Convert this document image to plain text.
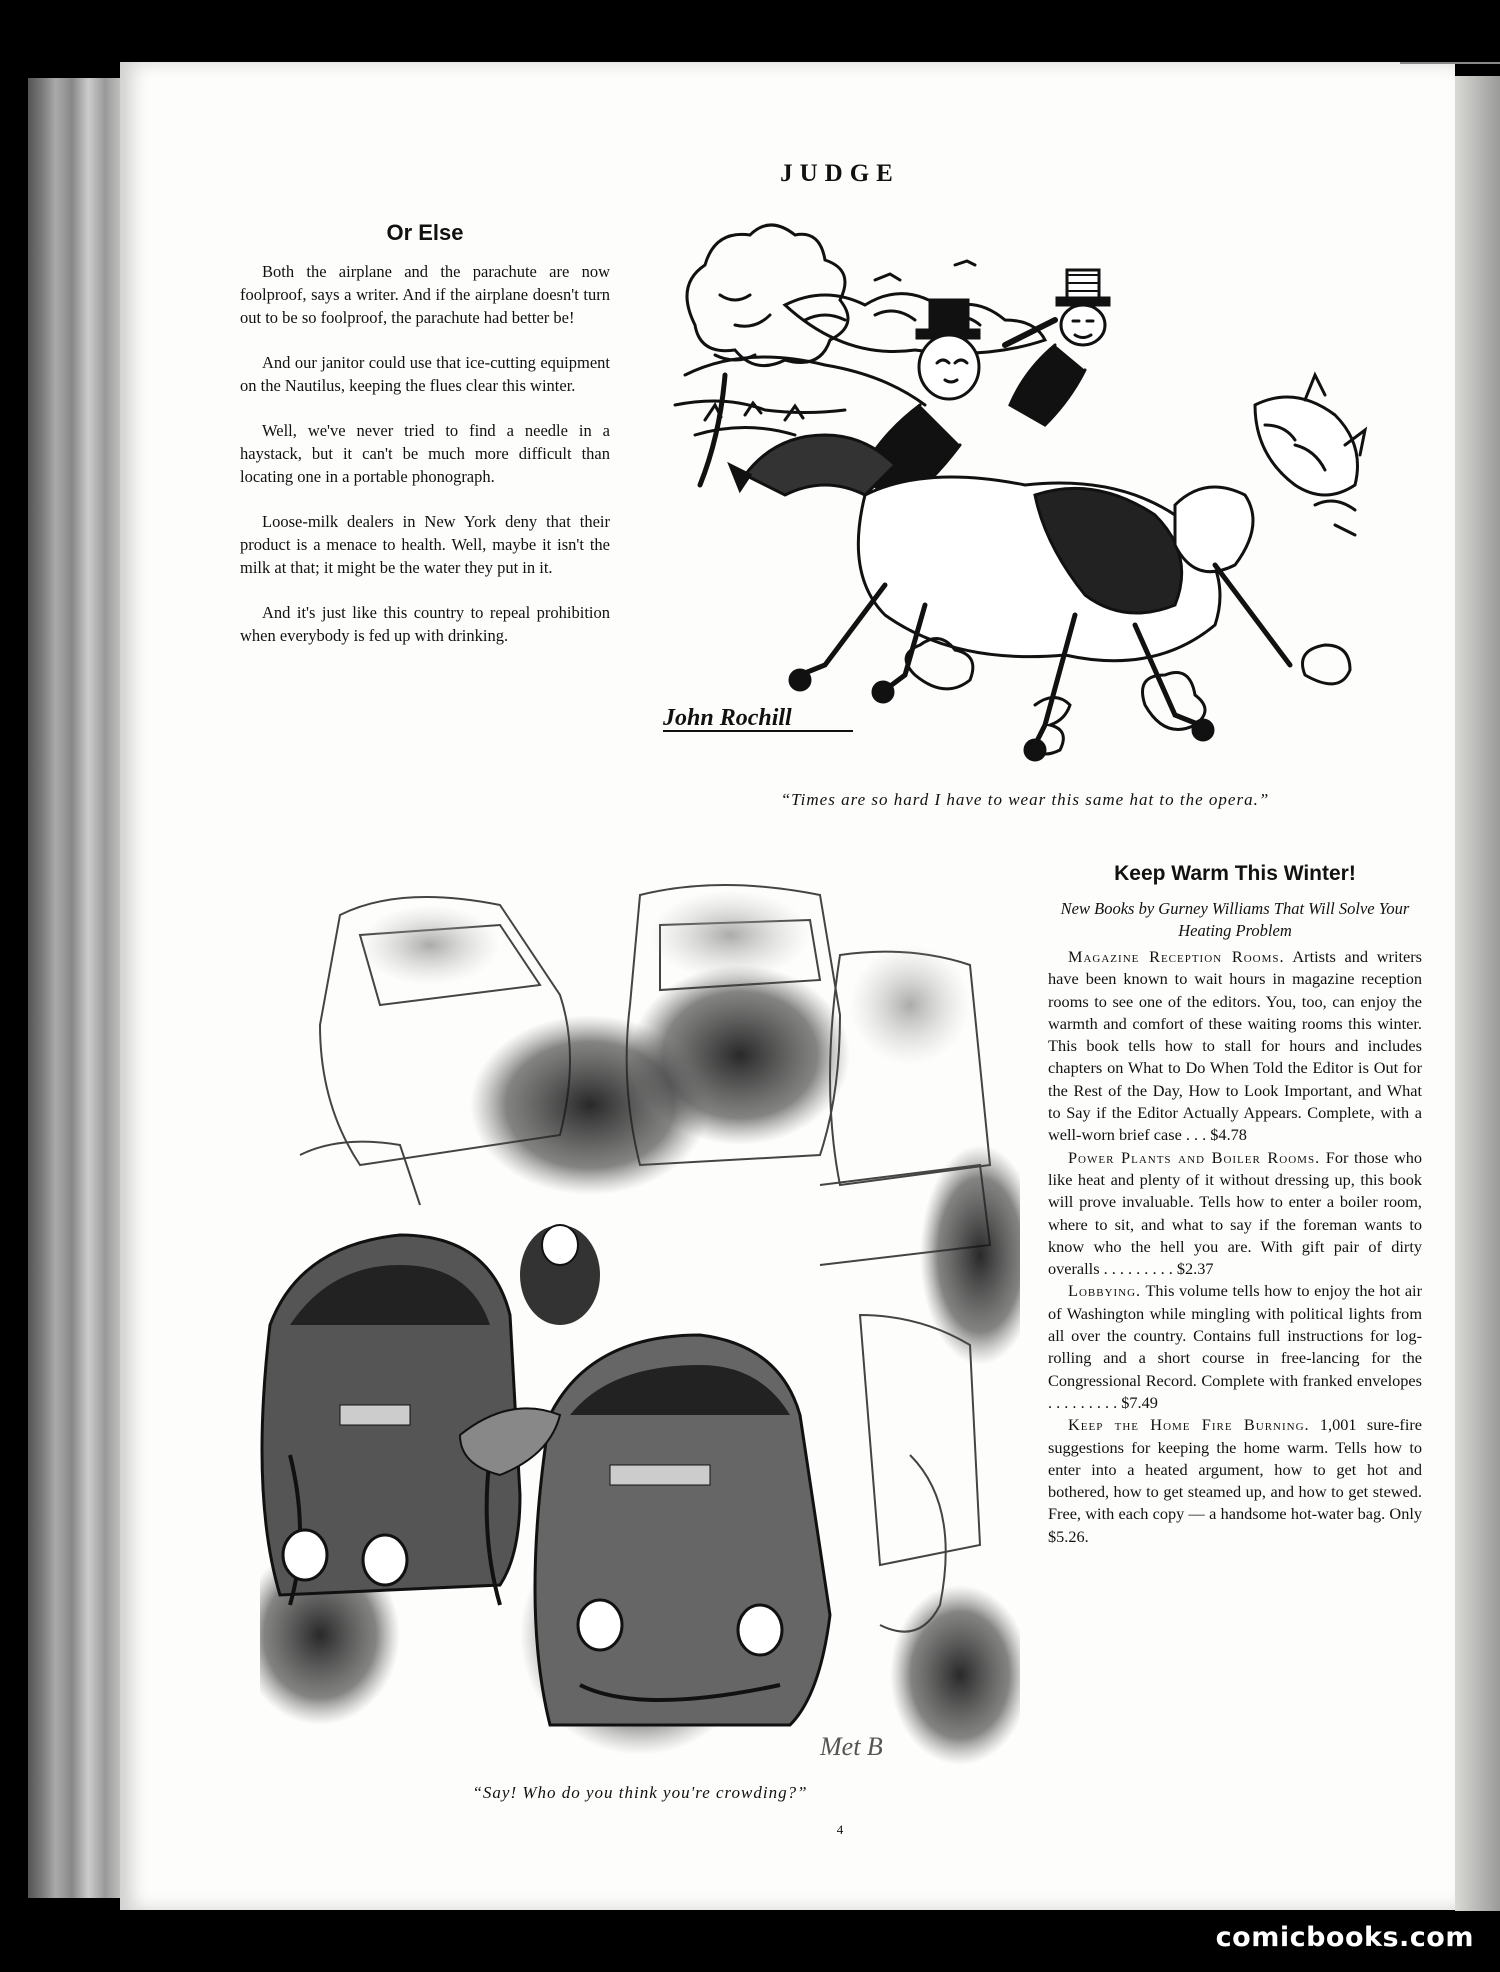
JUDGE
Or Else

Both the airplane and the parachute are now foolproof, says a writer. And if the airplane doesn't turn out to be so foolproof, the parachute had better be!

And our janitor could use that ice-cutting equipment on the Nautilus, keeping the flues clear this winter.

Well, we've never tried to find a needle in a haystack, but it can't be much more difficult than locating one in a portable phonograph.

Loose-milk dealers in New York deny that their product is a menace to health. Well, maybe it isn't the milk at that; it might be the water they put in it.

And it's just like this country to repeal prohibition when everybody is fed up with drinking.

John Rochill
“Times are so hard I have to wear this same hat to the opera.”
Met B
“Say! Who do you think you're crowding?”
4
Keep Warm This Winter!
New Books by Gurney Williams That Will Solve Your Heating Problem

Magazine Reception Rooms. Artists and writers have been known to wait hours in magazine reception rooms to see one of the editors. You, too, can enjoy the warmth and comfort of these waiting rooms this winter. This book tells how to stall for hours and includes chapters on What to Do When Told the Editor is Out for the Rest of the Day, How to Look Important, and What to Say if the Editor Actually Appears. Complete, with a well-worn brief case . . . $4.78

Power Plants and Boiler Rooms. For those who like heat and plenty of it without dressing up, this book will prove invaluable. Tells how to enter a boiler room, where to sit, and what to say if the foreman wants to know who the hell you are. With gift pair of dirty overalls . . . . . . . . . $2.37

Lobbying. This volume tells how to enjoy the hot air of Washington while mingling with political lights from all over the country. Contains full instructions for log-rolling and a short course in free-lancing for the Congressional Record. Complete with franked envelopes . . . . . . . . . $7.49

Keep the Home Fire Burning. 1,001 sure-fire suggestions for keeping the home warm. Tells how to enter into a heated argument, how to get hot and bothered, how to get steamed up, and how to get stewed. Free, with each copy — a handsome hot-water bag. Only $5.26.

comicbooks.com
